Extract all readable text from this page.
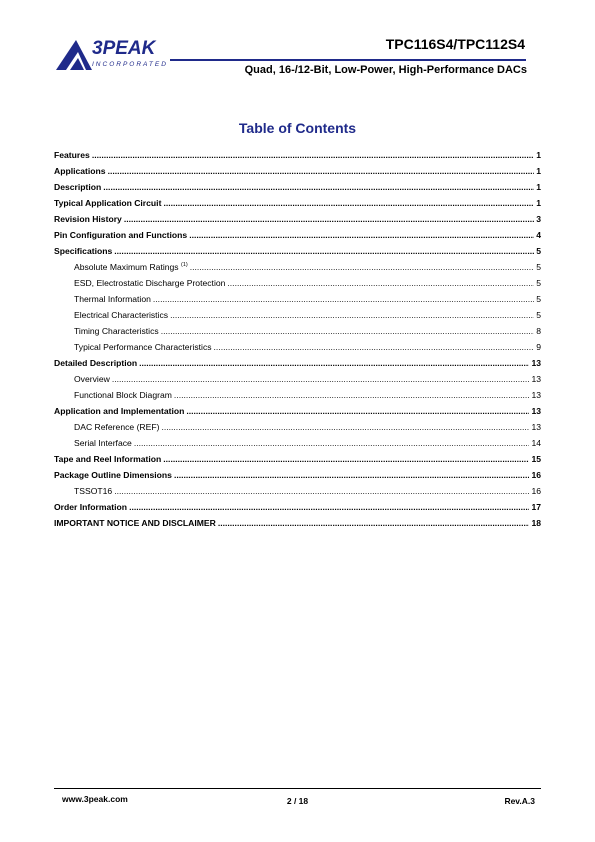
3PEAK
INCORPORATED
TPC116S4/TPC112S4
Quad, 16-/12-Bit, Low-Power, High-Performance DACs
Table of Contents
Features .....	1
Applications .....	1
Description .....	1
Typical Application Circuit .....	1
Revision History .....	3
Pin Configuration and Functions .....	4
Specifications .....	5
Absolute Maximum Ratings $^{(1)}$ .....	5
ESD, Electrostatic Discharge Protection .....	5
Thermal Information .....	5
Electrical Characteristics .....	5
Timing Characteristics .....	8
Typical Performance Characteristics .....	9
Detailed Description .....	13
Overview .....	13
Functional Block Diagram .....	13
Application and Implementation .....	13
DAC Reference (REF) .....	13
Serial Interface .....	14
Tape and Reel Information .....	15
Package Outline Dimensions .....	16
TSSOT16 .....	16
Order Information .....	17
IMPORTANT NOTICE AND DISCLAIMER .....	18
www.3peak.com	2 / 18	Rev.A.3
